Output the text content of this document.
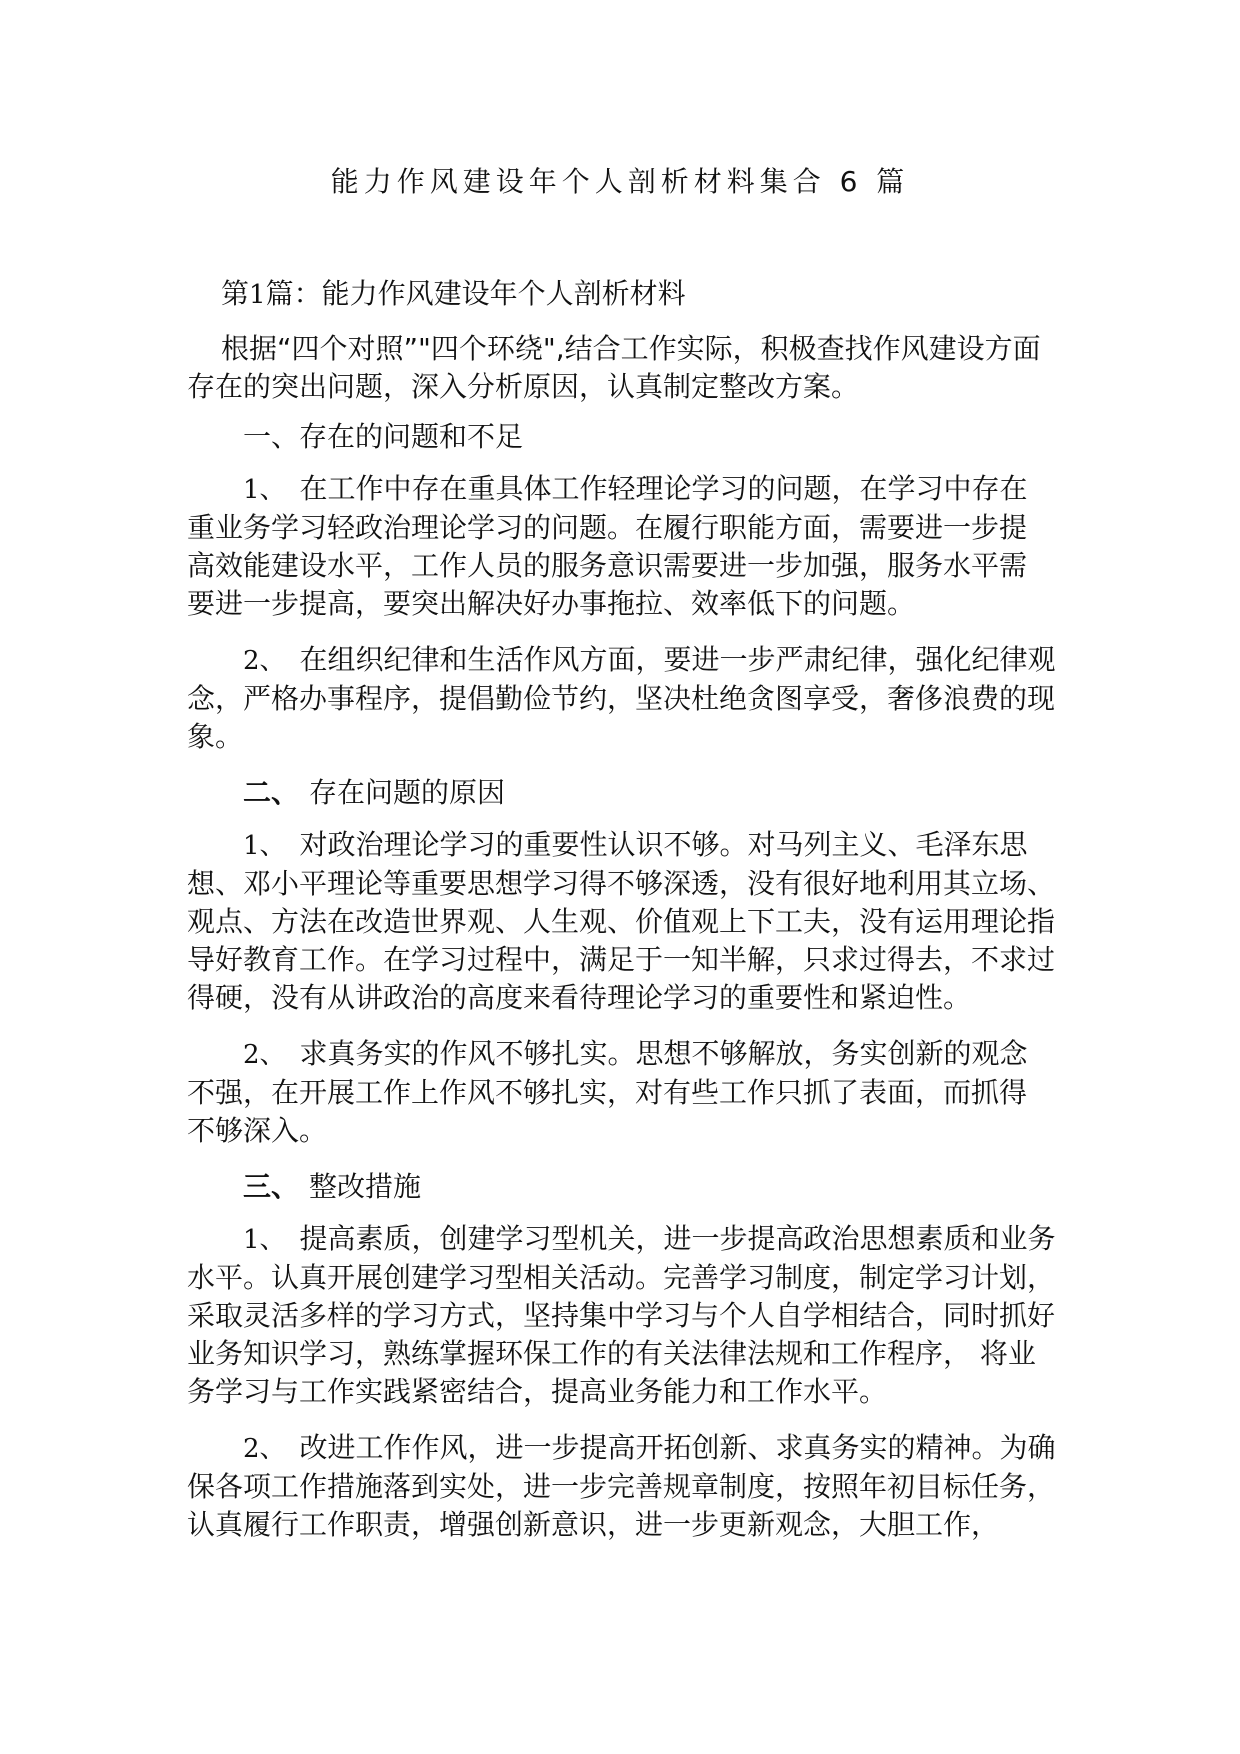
能力作风建设年个人剖析材料集合 6 篇

第1篇：能力作风建设年个人剖析材料

根据“四个对照”"四个环绕",结合工作实际，积极查找作风建设方面存在的突出问题，深入分析原因，认真制定整改方案。

一、存在的问题和不足

1、 在工作中存在重具体工作轻理论学习的问题，在学习中存在 重业务学习轻政治理论学习的问题。在履行职能方面，需要进一步提 高效能建设水平，工作人员的服务意识需要进一步加强，服务水平需 要进一步提高，要突出解决好办事拖拉、效率低下的问题。

2、 在组织纪律和生活作风方面，要进一步严肃纪律，强化纪律观念，严格办事程序，提倡勤俭节约，坚决杜绝贪图享受，奢侈浪费的现象。

二、 存在问题的原因

1、 对政治理论学习的重要性认识不够。对马列主义、毛泽东思想、邓小平理论等重要思想学习得不够深透，没有很好地利用其立场、观点、方法在改造世界观、人生观、价值观上下工夫，没有运用理论指导好教育工作。在学习过程中，满足于一知半解，只求过得去，不求过得硬，没有从讲政治的高度来看待理论学习的重要性和紧迫性。

2、 求真务实的作风不够扎实。思想不够解放，务实创新的观念 不强，在开展工作上作风不够扎实，对有些工作只抓了表面，而抓得 不够深入。

三、 整改措施

1、 提高素质，创建学习型机关，进一步提高政治思想素质和业务水平。认真开展创建学习型相关活动。完善学习制度，制定学习计划，采取灵活多样的学习方式，坚持集中学习与个人自学相结合，同时抓好业务知识学习，熟练掌握环保工作的有关法律法规和工作程序， 将业务学习与工作实践紧密结合，提高业务能力和工作水平。

2、 改进工作作风，进一步提高开拓创新、求真务实的精神。为确保各项工作措施落到实处，进一步完善规章制度，按照年初目标任务，认真履行工作职责，增强创新意识，进一步更新观念，大胆工作，
